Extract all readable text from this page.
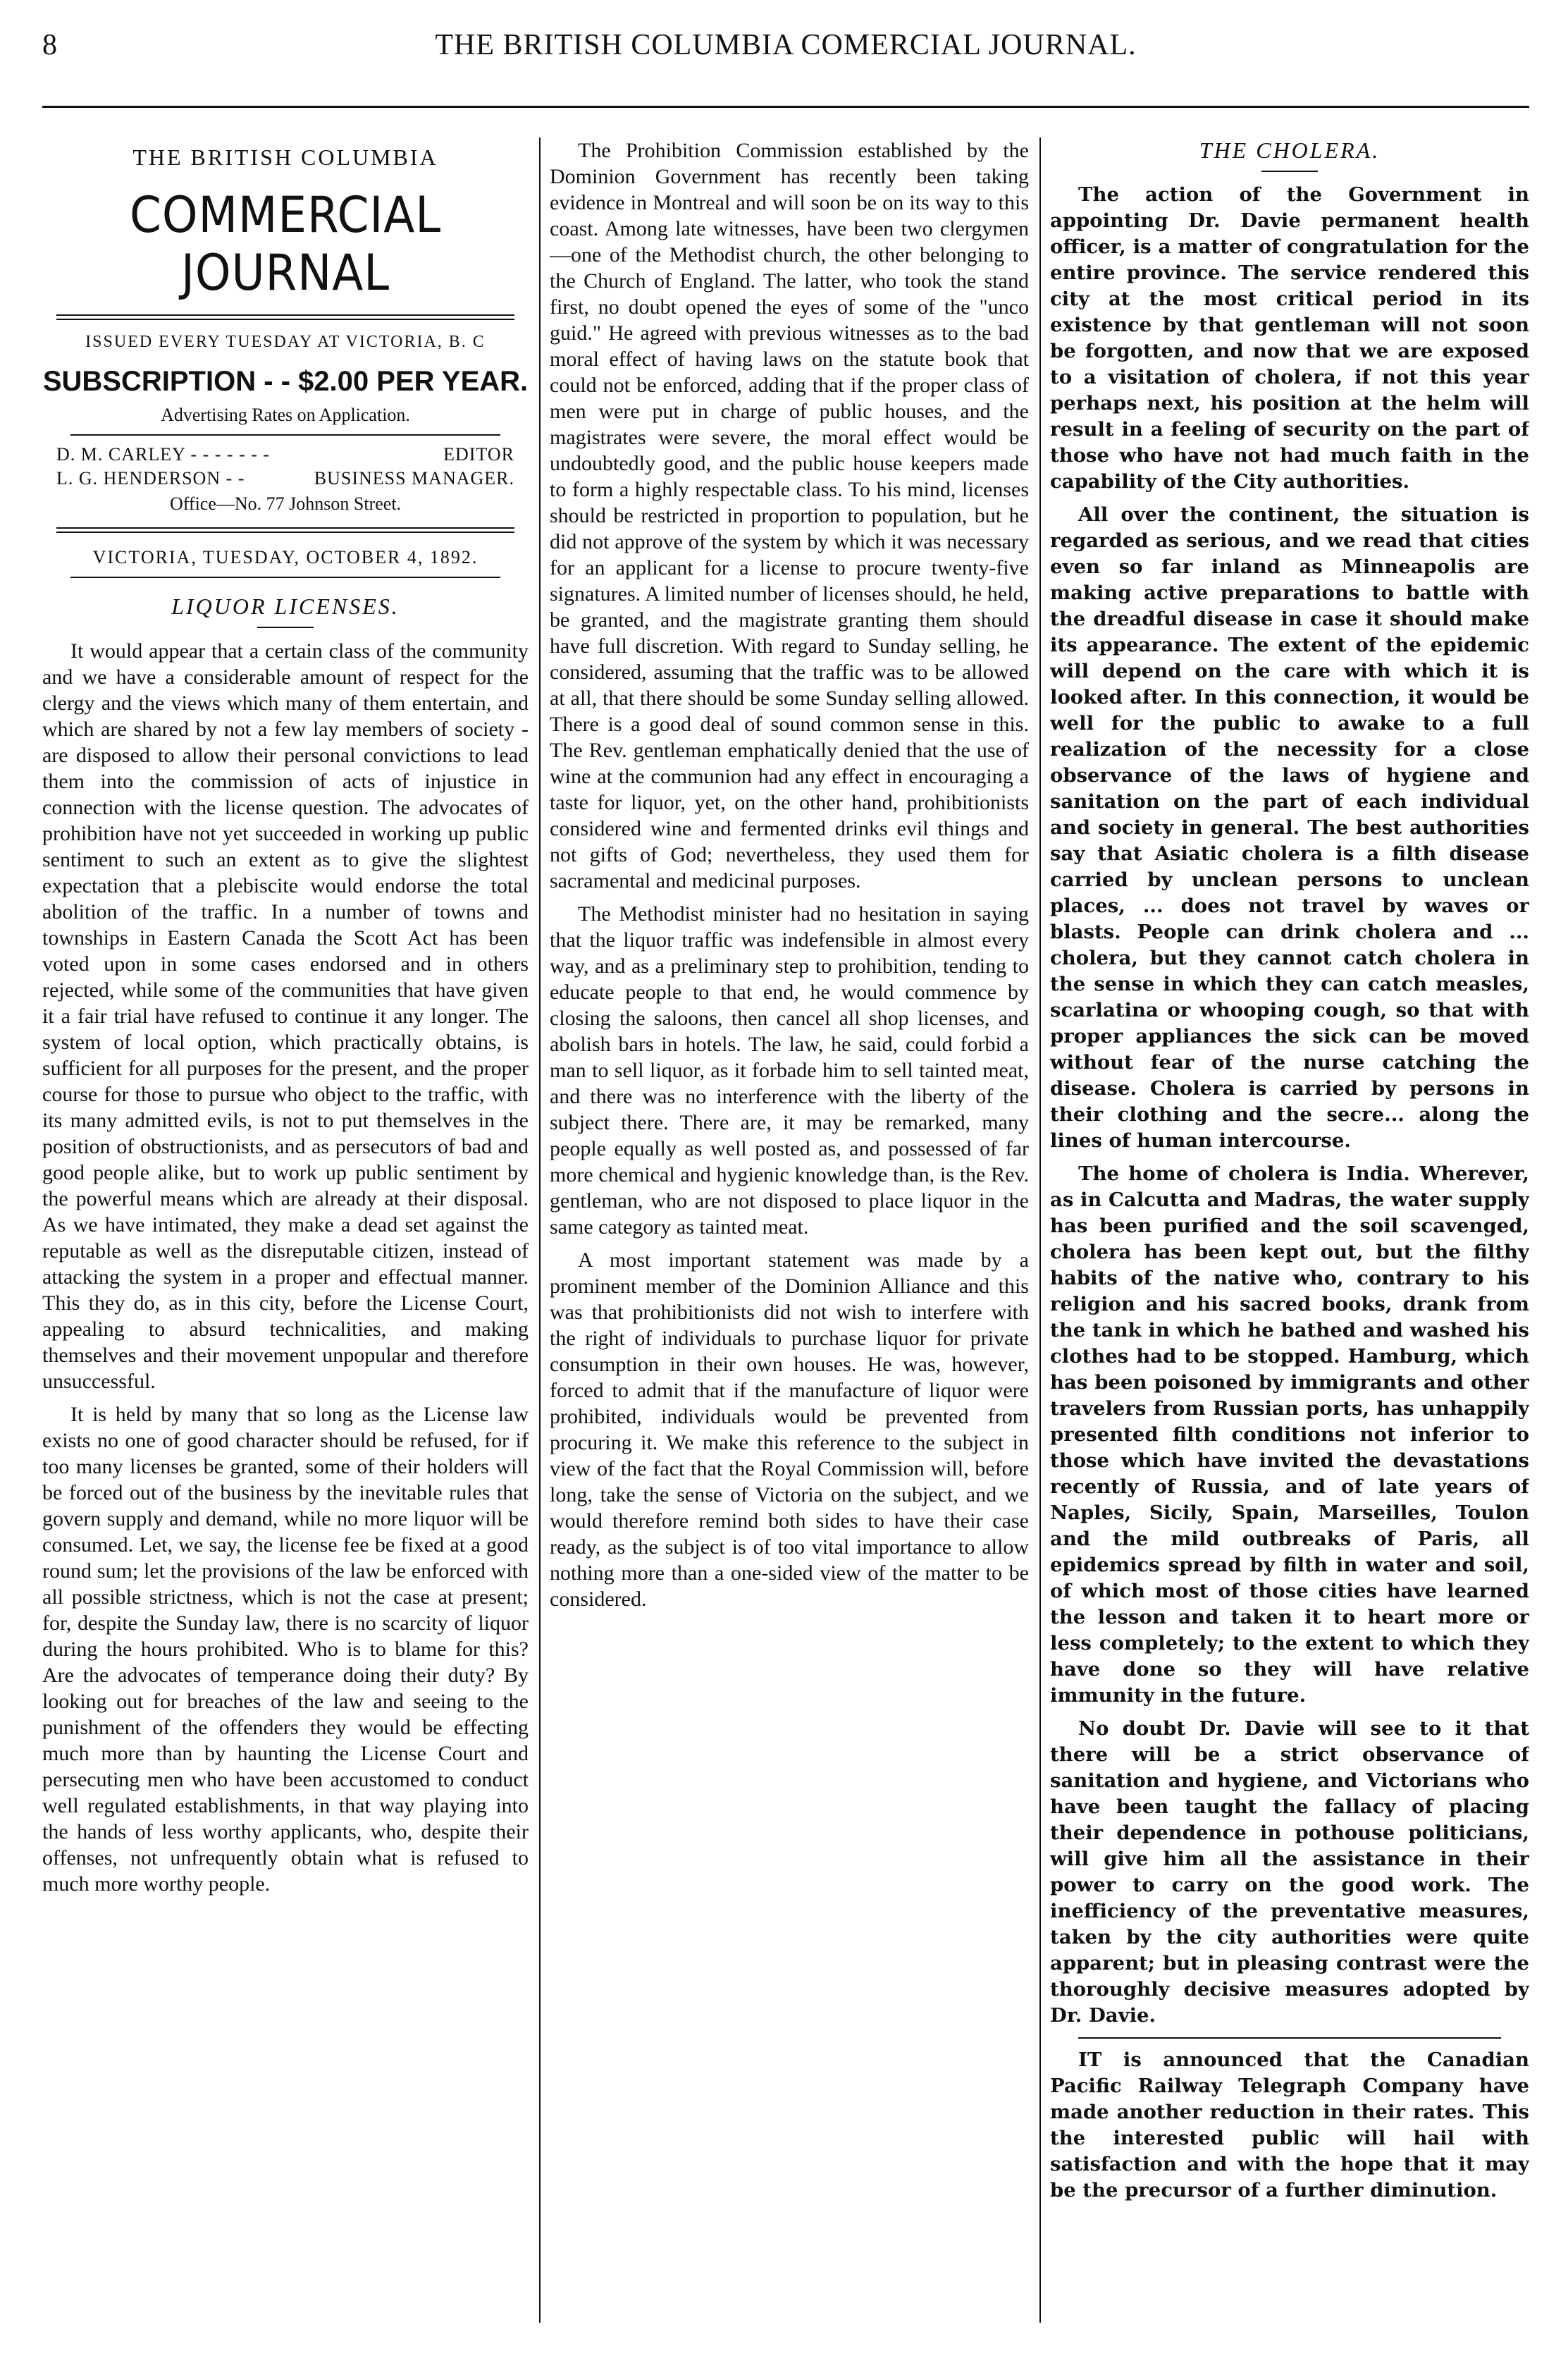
8	THE BRITISH COLUMBIA COMERCIAL JOURNAL.
THE BRITISH COLUMBIA
COMMERCIAL JOURNAL
ISSUED EVERY TUESDAY AT VICTORIA, B. C
SUBSCRIPTION - - $2.00 PER YEAR.
Advertising Rates on Application.
D. M. CARLEY - - - - - - -	EDITOR
L. G. HENDERSON - -	BUSINESS MANAGER.
Office—No. 77 Johnson Street.
VICTORIA, TUESDAY, OCTOBER 4, 1892.
LIQUOR LICENSES.

It would appear that a certain class of the community and we have a considerable amount of respect for the clergy and the views which many of them entertain, and which are shared by not a few lay members of society -are disposed to allow their personal convictions to lead them into the commission of acts of injustice in connection with the license question. The advocates of prohibition have not yet succeeded in working up public sentiment to such an extent as to give the slightest expectation that a plebiscite would endorse the total abolition of the traffic. In a number of towns and townships in Eastern Canada the Scott Act has been voted upon in some cases endorsed and in others rejected, while some of the communities that have given it a fair trial have refused to continue it any longer. The system of local option, which practically obtains, is sufficient for all purposes for the present, and the proper course for those to pursue who object to the traffic, with its many admitted evils, is not to put themselves in the position of obstructionists, and as persecutors of bad and good people alike, but to work up public sentiment by the powerful means which are already at their disposal. As we have intimated, they make a dead set against the reputable as well as the disreputable citizen, instead of attacking the system in a proper and effectual manner. This they do, as in this city, before the License Court, appealing to absurd technicalities, and making themselves and their movement unpopular and therefore unsuccessful.

It is held by many that so long as the License law exists no one of good character should be refused, for if too many licenses be granted, some of their holders will be forced out of the business by the inevitable rules that govern supply and demand, while no more liquor will be consumed. Let, we say, the license fee be fixed at a good round sum; let the provisions of the law be enforced with all possible strictness, which is not the case at present; for, despite the Sunday law, there is no scarcity of liquor during the hours prohibited. Who is to blame for this? Are the advocates of temperance doing their duty? By looking out for breaches of the law and seeing to the punishment of the offenders they would be effecting much more than by haunting the License Court and persecuting men who have been accustomed to conduct well regulated establishments, in that way playing into the hands of less worthy applicants, who, despite their offenses, not unfrequently obtain what is refused to much more worthy people.

The Prohibition Commission established by the Dominion Government has recently been taking evidence in Montreal and will soon be on its way to this coast. Among late witnesses, have been two clergymen—one of the Methodist church, the other belonging to the Church of England. The latter, who took the stand first, no doubt opened the eyes of some of the "unco guid." He agreed with previous witnesses as to the bad moral effect of having laws on the statute book that could not be enforced, adding that if the proper class of men were put in charge of public houses, and the magistrates were severe, the moral effect would be undoubtedly good, and the public house keepers made to form a highly respectable class. To his mind, licenses should be restricted in proportion to population, but he did not approve of the system by which it was necessary for an applicant for a license to procure twenty-five signatures. A limited number of licenses should, he held, be granted, and the magistrate granting them should have full discretion. With regard to Sunday selling, he considered, assuming that the traffic was to be allowed at all, that there should be some Sunday selling allowed. There is a good deal of sound common sense in this. The Rev. gentleman emphatically denied that the use of wine at the communion had any effect in encouraging a taste for liquor, yet, on the other hand, prohibitionists considered wine and fermented drinks evil things and not gifts of God; nevertheless, they used them for sacramental and medicinal purposes.

The Methodist minister had no hesitation in saying that the liquor traffic was indefensible in almost every way, and as a preliminary step to prohibition, tending to educate people to that end, he would commence by closing the saloons, then cancel all shop licenses, and abolish bars in hotels. The law, he said, could forbid a man to sell liquor, as it forbade him to sell tainted meat, and there was no interference with the liberty of the subject there. There are, it may be remarked, many people equally as well posted as, and possessed of far more chemical and hygienic knowledge than, is the Rev. gentleman, who are not disposed to place liquor in the same category as tainted meat.

A most important statement was made by a prominent member of the Dominion Alliance and this was that prohibitionists did not wish to interfere with the right of individuals to purchase liquor for private consumption in their own houses. He was, however, forced to admit that if the manufacture of liquor were prohibited, individuals would be prevented from procuring it. We make this reference to the subject in view of the fact that the Royal Commission will, before long, take the sense of Victoria on the subject, and we would therefore remind both sides to have their case ready, as the subject is of too vital importance to allow nothing more than a one-sided view of the matter to be considered.

THE CHOLERA.

The action of the Government in appointing Dr. Davie permanent health officer, is a matter of congratulation for the entire province. The service rendered this city at the most critical period in its existence by that gentleman will not soon be forgotten, and now that we are exposed to a visitation of cholera, if not this year perhaps next, his position at the helm will result in a feeling of security on the part of those who have not had much faith in the capability of the City authorities.

All over the continent, the situation is regarded as serious, and we read that cities even so far inland as Minneapolis are making active preparations to battle with the dreadful disease in case it should make its appearance. The extent of the epidemic will depend on the care with which it is looked after. In this connection, it would be well for the public to awake to a full realization of the necessity for a close observance of the laws of hygiene and sanitation on the part of each individual and society in general. The best authorities say that Asiatic cholera is a filth disease carried by unclean persons to unclean places, ... does not travel by waves or blasts. People can drink cholera and ... cholera, but they cannot catch cholera in the sense in which they can catch measles, scarlatina or whooping cough, so that with proper appliances the sick can be moved without fear of the nurse catching the disease. Cholera is carried by persons in their clothing and the secre... along the lines of human intercourse.

The home of cholera is India. Wherever, as in Calcutta and Madras, the water supply has been purified and the soil scavenged, cholera has been kept out, but the filthy habits of the native who, contrary to his religion and his sacred books, drank from the tank in which he bathed and washed his clothes had to be stopped. Hamburg, which has been poisoned by immigrants and other travelers from Russian ports, has unhappily presented filth conditions not inferior to those which have invited the devastations recently of Russia, and of late years of Naples, Sicily, Spain, Marseilles, Toulon and the mild outbreaks of Paris, all epidemics spread by filth in water and soil, of which most of those cities have learned the lesson and taken it to heart more or less completely; to the extent to which they have done so they will have relative immunity in the future.

No doubt Dr. Davie will see to it that there will be a strict observance of sanitation and hygiene, and Victorians who have been taught the fallacy of placing their dependence in pothouse politicians, will give him all the assistance in their power to carry on the good work. The inefficiency of the preventative measures, taken by the city authorities were quite apparent; but in pleasing contrast were the thoroughly decisive measures adopted by Dr. Davie.

IT is announced that the Canadian Pacific Railway Telegraph Company have made another reduction in their rates. This the interested public will hail with satisfaction and with the hope that it may be the precursor of a further diminution.
